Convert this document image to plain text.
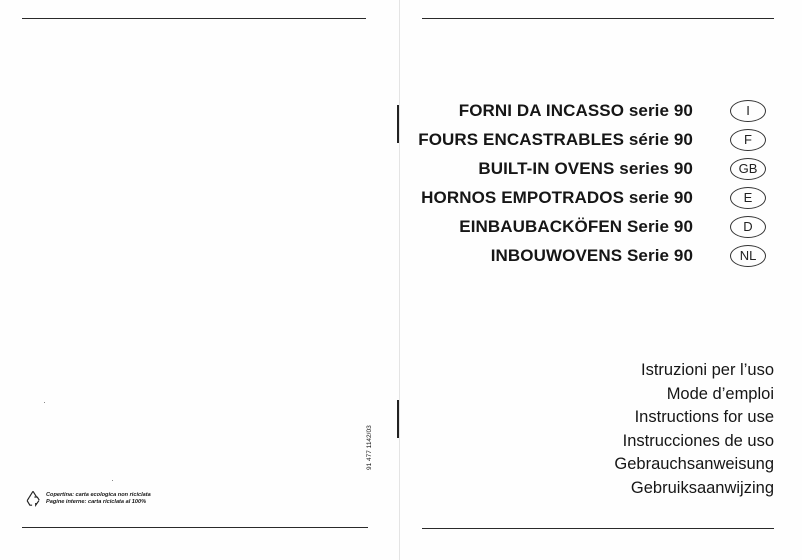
Copertina: carta ecologica non riciclata
Pagine interne: carta riciclata al 100%
91 477 1142/03
FORNI DA INCASSO serie 90	I
FOURS ENCASTRABLES série 90	F
BUILT-IN OVENS series 90	GB
HORNOS EMPOTRADOS serie 90	E
EINBAUBACKÖFEN Serie 90	D
INBOUWOVENS Serie 90	NL
Istruzioni per l’uso
Mode d’emploi
Instructions for use
Instrucciones de uso
Gebrauchsanweisung
Gebruiksaanwijzing
